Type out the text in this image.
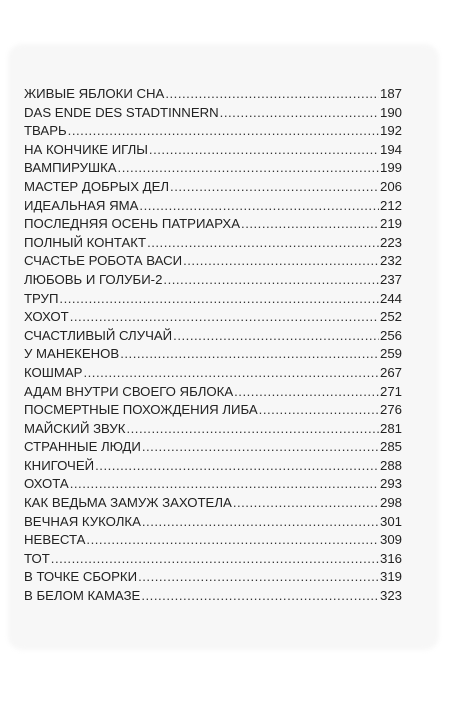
ЖИВЫЕ ЯБЛОКИ СНА .....	187
DAS ENDE DES STADTINNERN .....	190
ТВАРЬ .....	192
НА КОНЧИКЕ ИГЛЫ .....	194
ВАМПИРУШКА .....	199
МАСТЕР ДОБРЫХ ДЕЛ .....	206
ИДЕАЛЬНАЯ ЯМА .....	212
ПОСЛЕДНЯЯ ОСЕНЬ ПАТРИАРХА .....	219
ПОЛНЫЙ КОНТАКТ .....	223
СЧАСТЬЕ РОБОТА ВАСИ .....	232
ЛЮБОВЬ И ГОЛУБИ-2 .....	237
ТРУП .....	244
ХОХОТ .....	252
СЧАСТЛИВЫЙ СЛУЧАЙ .....	256
У МАНЕКЕНОВ .....	259
КОШМАР .....	267
АДАМ ВНУТРИ СВОЕГО ЯБЛОКА .....	271
ПОСМЕРТНЫЕ ПОХОЖДЕНИЯ ЛИБА .....	276
МАЙСКИЙ ЗВУК .....	281
СТРАННЫЕ ЛЮДИ .....	285
КНИГОЧЕЙ .....	288
ОХОТА .....	293
КАК ВЕДЬМА ЗАМУЖ ЗАХОТЕЛА .....	298
ВЕЧНАЯ КУКОЛКА .....	301
НЕВЕСТА .....	309
ТОТ .....	316
В ТОЧКЕ СБОРКИ .....	319
В БЕЛОМ КАМАЗЕ .....	323
